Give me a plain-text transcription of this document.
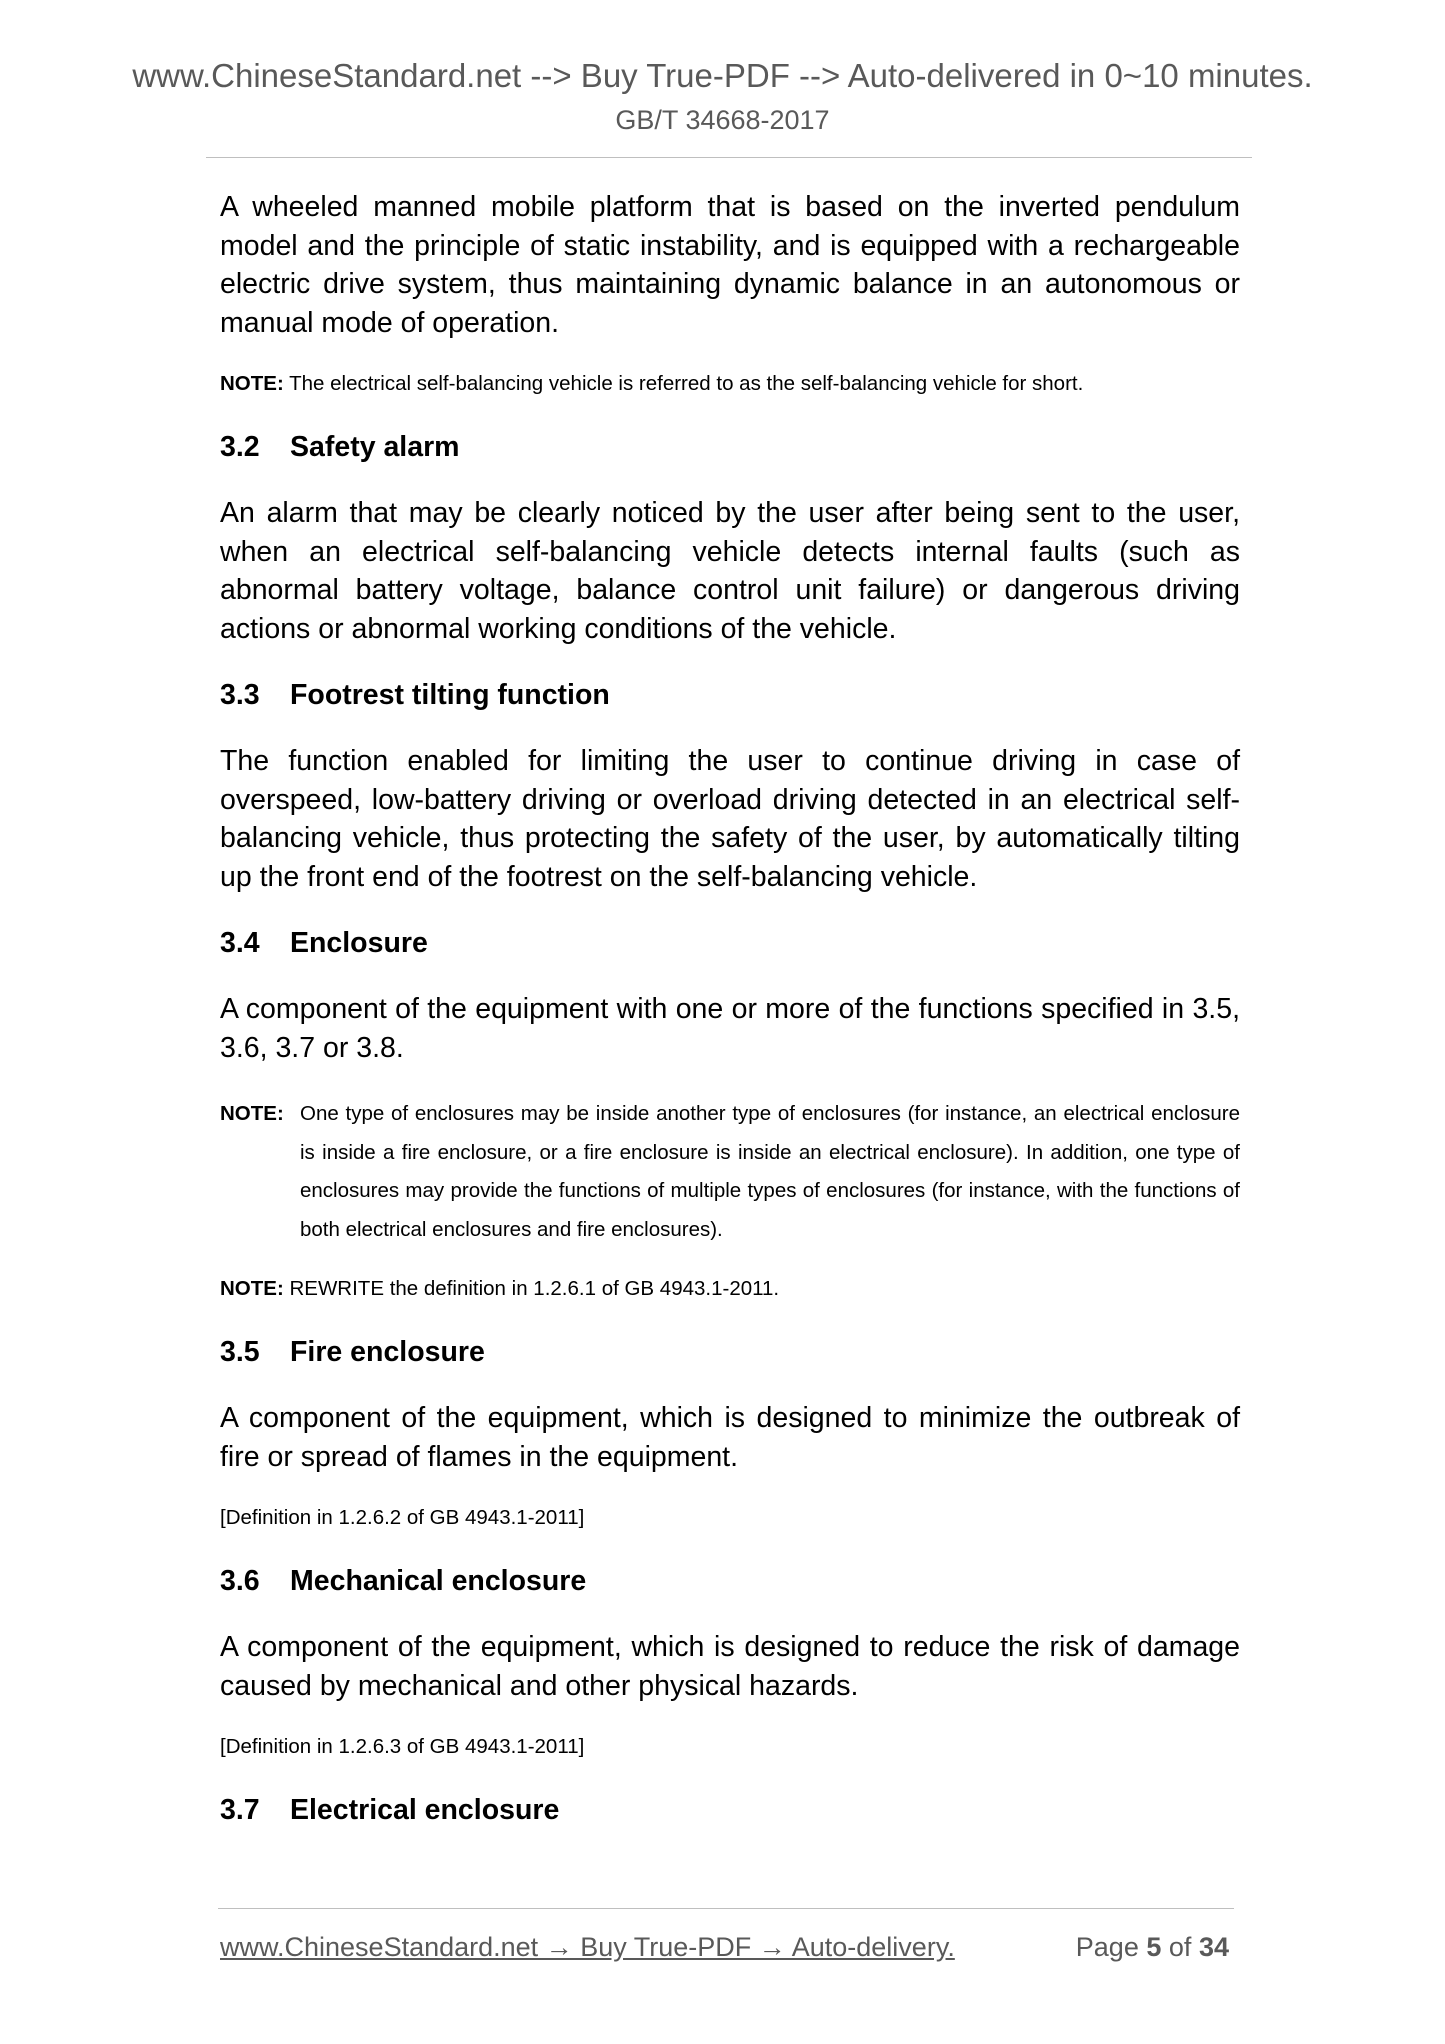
www.ChineseStandard.net --> Buy True-PDF --> Auto-delivered in 0~10 minutes.
GB/T 34668-2017

A wheeled manned mobile platform that is based on the inverted pendulum model and the principle of static instability, and is equipped with a rechargeable electric drive system, thus maintaining dynamic balance in an autonomous or manual mode of operation.

NOTE: The electrical self-balancing vehicle is referred to as the self-balancing vehicle for short.

3.2 Safety alarm

An alarm that may be clearly noticed by the user after being sent to the user, when an electrical self-balancing vehicle detects internal faults (such as abnormal battery voltage, balance control unit failure) or dangerous driving actions or abnormal working conditions of the vehicle.

3.3 Footrest tilting function

The function enabled for limiting the user to continue driving in case of overspeed, low-battery driving or overload driving detected in an electrical self-balancing vehicle, thus protecting the safety of the user, by automatically tilting up the front end of the footrest on the self-balancing vehicle.

3.4 Enclosure

A component of the equipment with one or more of the functions specified in 3.5, 3.6, 3.7 or 3.8.

NOTE: One type of enclosures may be inside another type of enclosures (for instance, an electrical enclosure is inside a fire enclosure, or a fire enclosure is inside an electrical enclosure). In addition, one type of enclosures may provide the functions of multiple types of enclosures (for instance, with the functions of both electrical enclosures and fire enclosures).

NOTE: REWRITE the definition in 1.2.6.1 of GB 4943.1-2011.

3.5 Fire enclosure

A component of the equipment, which is designed to minimize the outbreak of fire or spread of flames in the equipment.

[Definition in 1.2.6.2 of GB 4943.1-2011]

3.6 Mechanical enclosure

A component of the equipment, which is designed to reduce the risk of damage caused by mechanical and other physical hazards.

[Definition in 1.2.6.3 of GB 4943.1-2011]

3.7 Electrical enclosure
www.ChineseStandard.net → Buy True-PDF → Auto-delivery.	Page 5 of 34
